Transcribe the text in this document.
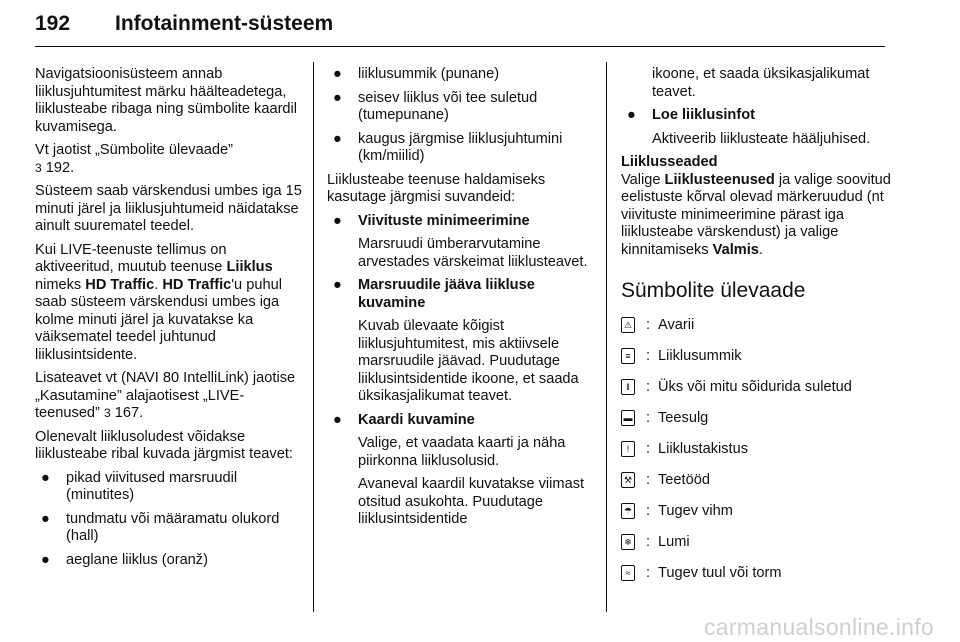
192 Infotainment-süsteem

Navigatsioonisüsteem annab liiklusjuhtumitest märku häälteadetega, liiklusteabe ribaga ning sümbolite kaardil kuvamisega.

Vt jaotist „Sümbolite ülevaade”
3 192.

Süsteem saab värskendusi umbes iga 15 minuti järel ja liiklusjuhtumeid näidatakse ainult suurematel teedel.

Kui LIVE-teenuste tellimus on aktiveeritud, muutub teenuse Liiklus nimeks HD Traffic. HD Traffic'u puhul saab süsteem värskendusi umbes iga kolme minuti järel ja kuvatakse ka väiksematel teedel juhtunud liiklusintsidente.

Lisateavet vt (NAVI 80 IntelliLink) jaotise „Kasutamine” alajaotisest „LIVE-teenused” 3 167.

Olenevalt liiklusoludest võidakse liiklusteabe ribal kuvada järgmist teavet:

● pikad viivitused marsruudil (minutites)
● tundmatu või määramatu olukord (hall)
● aeglane liiklus (oranž)
● liiklusummik (punane)
● seisev liiklus või tee suletud (tumepunane)
● kaugus järgmise liiklusjuhtumini (km/miilid)

Liiklusteabe teenuse haldamiseks kasutage järgmisi suvandeid:

● Viivituste minimeerimine

Marsruudi ümberarvutamine arvestades värskeimat liiklusteavet.

● Marsruudile jääva liikluse kuvamine

Kuvab ülevaate kõigist liiklusjuhtumitest, mis aktiivsele marsruudile jäävad. Puudutage liiklusintsidentide ikoone, et saada üksikasjalikumat teavet.

● Kaardi kuvamine

Valige, et vaadata kaarti ja näha piirkonna liiklusolusid.

Avaneval kaardil kuvatakse viimast otsitud asukohta. Puudutage liiklusintsidentide

ikoone, et saada üksikasjalikumat teavet.

● Loe liiklusinfot

Aktiveerib liiklusteate hääljuhised.

Liiklusseaded
Valige Liiklusteenused ja valige soovitud eelistuste kõrval olevad märkeruudud (nt viivituste minimeerimine pärast iga liiklusteabe värskendust) ja valige kinnitamiseks Valmis.

Sümbolite ülevaade
⚠ : Avarii
≡ : Liiklusummik
‖	: Üks või mitu sõidurida suletud
▬ : Teesulg
!	: Liiklustakistus
⚒ : Teetööd
☂ : Tugev vihm
❄ : Lumi
≈	: Tugev tuul või torm
carmanualsonline.info
